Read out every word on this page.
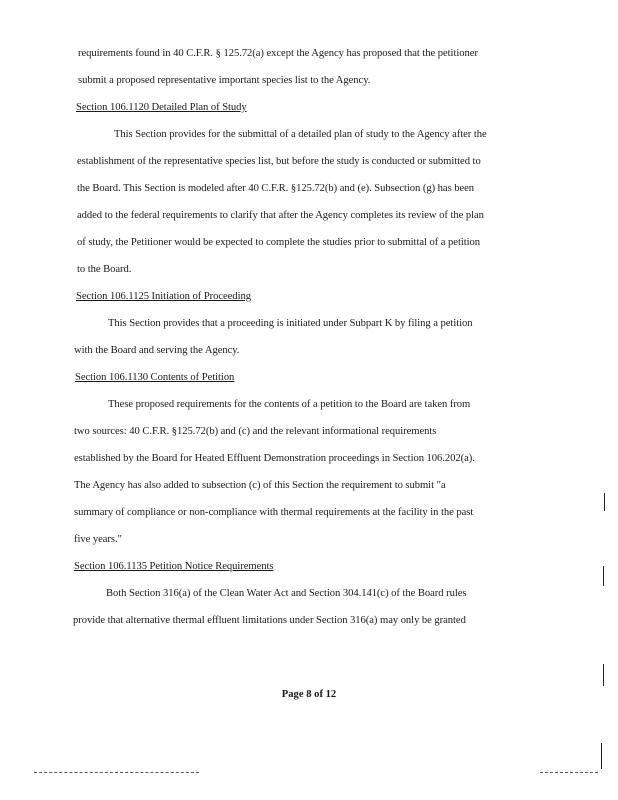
requirements found in 40 C.F.R. § 125.72(a) except the Agency has proposed that the petitioner
submit a proposed representative important species list to the Agency.
Section 106.1120 Detailed Plan of Study
This Section provides for the submittal of a detailed plan of study to the Agency after the
establishment of the representative species list, but before the study is conducted or submitted to
the Board. This Section is modeled after 40 C.F.R. §125.72(b) and (e). Subsection (g) has been
added to the federal requirements to clarify that after the Agency completes its review of the plan
of study, the Petitioner would be expected to complete the studies prior to submittal of a petition
to the Board.
Section 106.1125 Initiation of Proceeding
This Section provides that a proceeding is initiated under Subpart K by filing a petition
with the Board and serving the Agency.
Section 106.1130 Contents of Petition
These proposed requirements for the contents of a petition to the Board are taken from
two sources: 40 C.F.R. §125.72(b) and (c) and the relevant informational requirements
established by the Board for Heated Effluent Demonstration proceedings in Section 106.202(a).
The Agency has also added to subsection (c) of this Section the requirement to submit "a
summary of compliance or non-compliance with thermal requirements at the facility in the past
five years."
Section 106.1135 Petition Notice Requirements
Both Section 316(a) of the Clean Water Act and Section 304.141(c) of the Board rules
provide that alternative thermal effluent limitations under Section 316(a) may only be granted
Page 8 of 12
